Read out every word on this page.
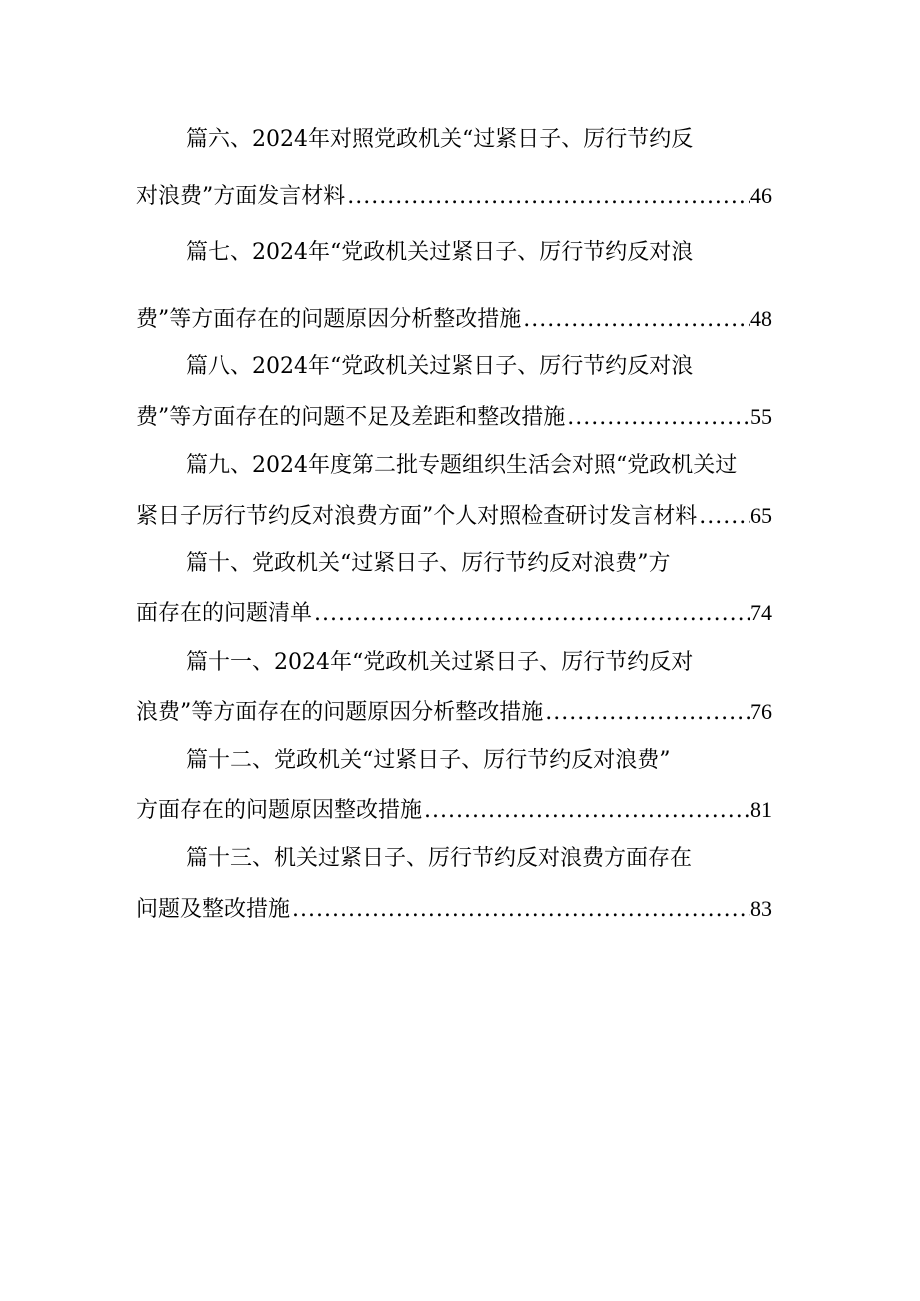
篇六、2024年对照党政机关“过紧日子、厉行节约反
对浪费”方面发言材料 .....	46
篇七、2024年“党政机关过紧日子、厉行节约反对浪
费”等方面存在的问题原因分析整改措施 .....	48
篇八、2024年“党政机关过紧日子、厉行节约反对浪
费”等方面存在的问题不足及差距和整改措施 .....	55
篇九、2024年度第二批专题组织生活会对照“党政机关过
紧日子厉行节约反对浪费方面”个人对照检查研讨发言材料 ..... 65
篇十、党政机关“过紧日子、厉行节约反对浪费”方
面存在的问题清单 .....	74
篇十一、2024年“党政机关过紧日子、厉行节约反对
浪费”等方面存在的问题原因分析整改措施 .....	76
篇十二、党政机关“过紧日子、厉行节约反对浪费”
方面存在的问题原因整改措施 .....	81
篇十三、机关过紧日子、厉行节约反对浪费方面存在
问题及整改措施 .....	83
